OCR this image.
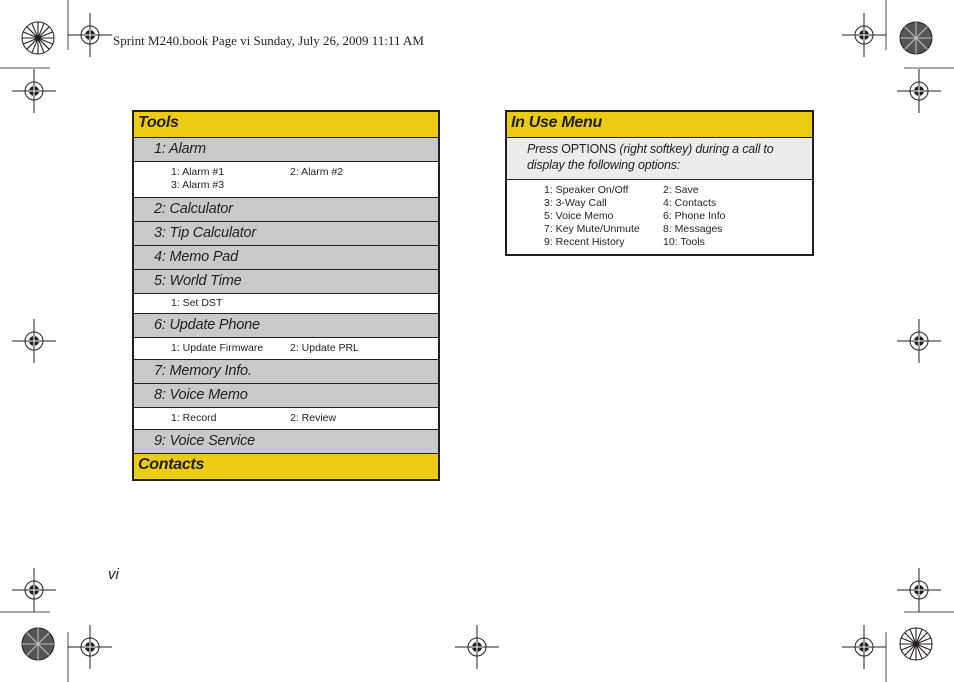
Sprint M240.book Page vi Sunday, July 26, 2009 11:11 AM
Tools

1: Alarm

1: Alarm #1	2: Alarm #2
3: Alarm #3

2: Calculator

3: Tip Calculator

4: Memo Pad

5: World Time

1: Set DST

6: Update Phone

1: Update Firmware	2: Update PRL

7: Memory Info.

8: Voice Memo

1: Record	2: Review

9: Voice Service

Contacts
In Use Menu

Press OPTIONS (right softkey) during a call to display the following options:

1: Speaker On/Off	2: Save
3: 3-Way Call	4: Contacts
5: Voice Memo	6: Phone Info
7: Key Mute/Unmute	8: Messages
9: Recent History	10: Tools
vi
